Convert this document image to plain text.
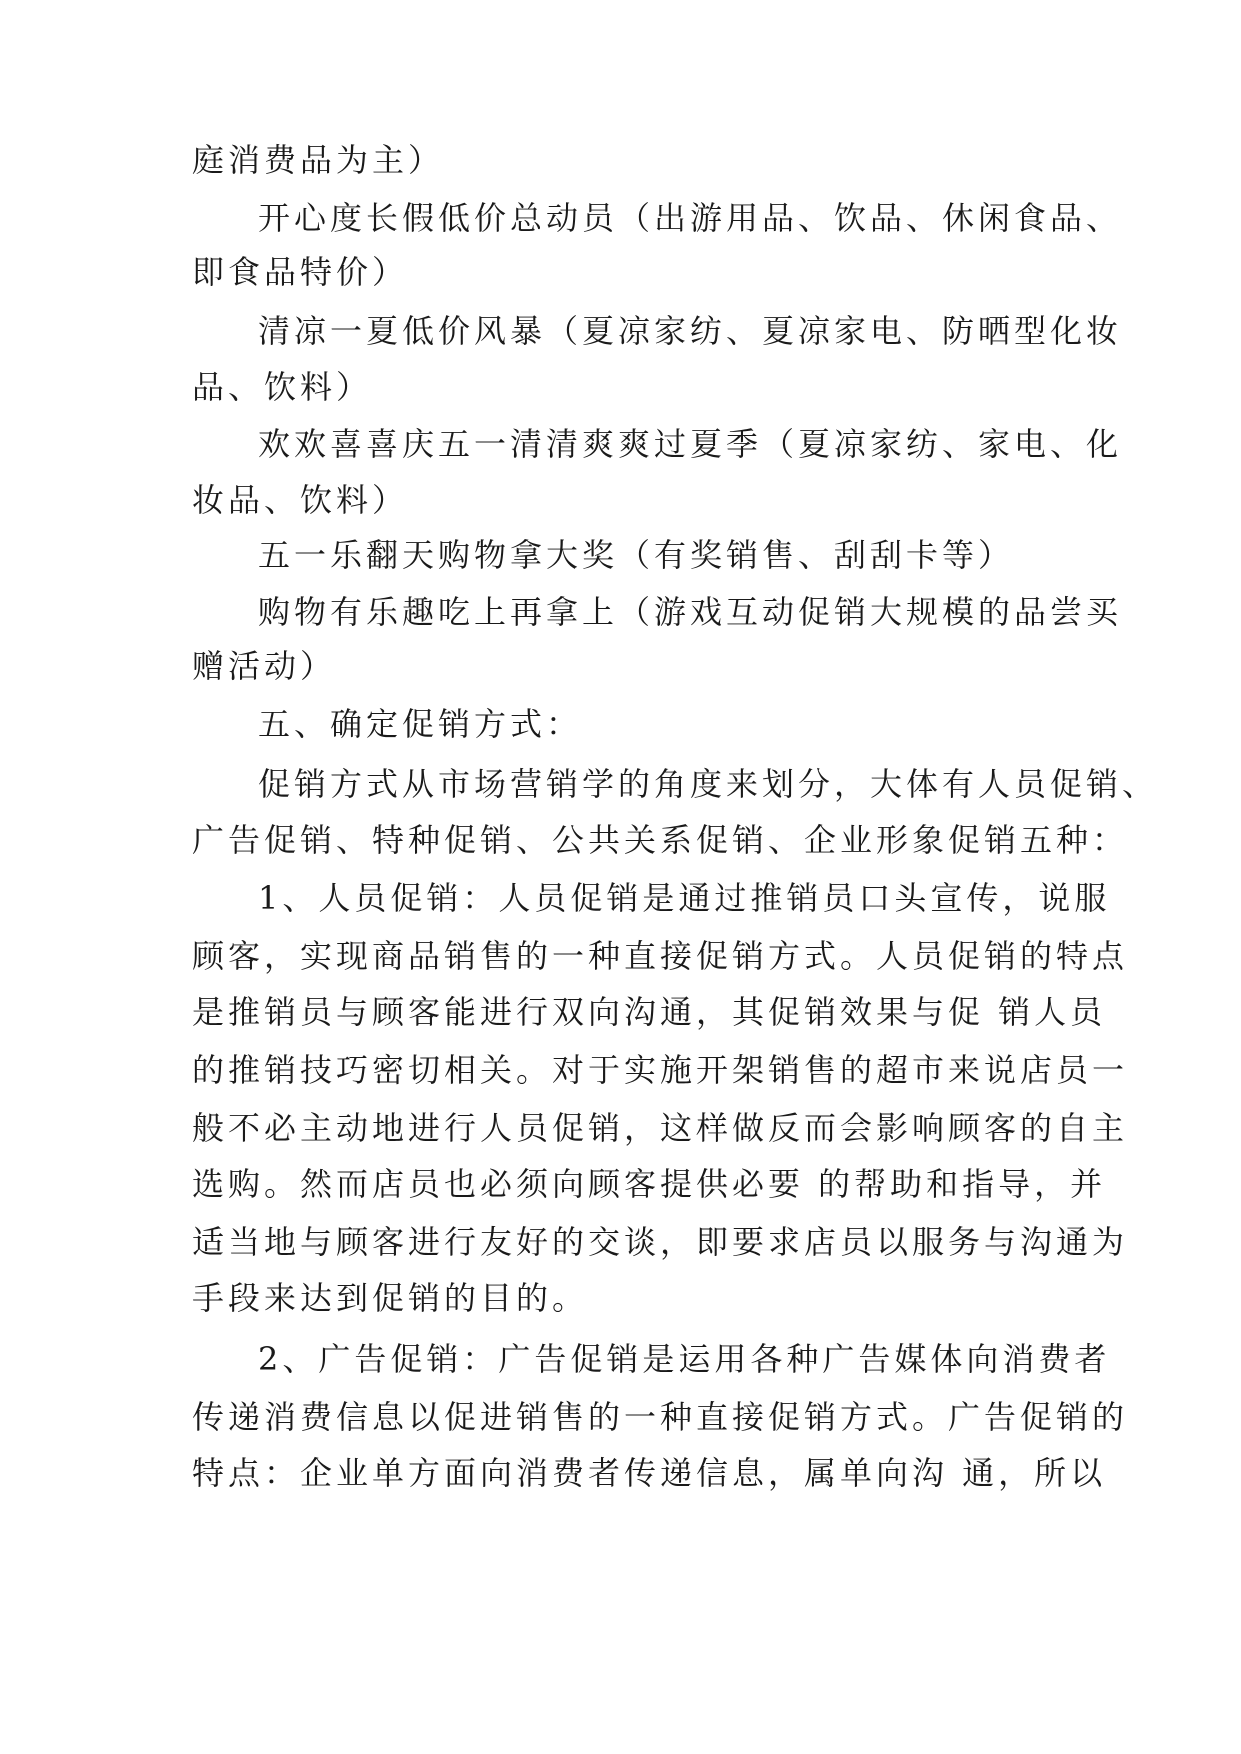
庭消费品为主）
开心度长假低价总动员（出游用品、饮品、休闲食品、
即食品特价）
清凉一夏低价风暴（夏凉家纺、夏凉家电、防晒型化妆
品、饮料）
欢欢喜喜庆五一清清爽爽过夏季（夏凉家纺、家电、化
妆品、饮料）
五一乐翻天购物拿大奖（有奖销售、刮刮卡等）
购物有乐趣吃上再拿上（游戏互动促销大规模的品尝买
赠活动）
五、确定促销方式：
促销方式从市场营销学的角度来划分，大体有人员促销、
广告促销、特种促销、公共关系促销、企业形象促销五种：
1、人员促销：人员促销是通过推销员口头宣传，说服
顾客，实现商品销售的一种直接促销方式。人员促销的特点
是推销员与顾客能进行双向沟通，其促销效果与促 销人员
的推销技巧密切相关。对于实施开架销售的超市来说店员一
般不必主动地进行人员促销，这样做反而会影响顾客的自主
选购。然而店员也必须向顾客提供必要 的帮助和指导，并
适当地与顾客进行友好的交谈，即要求店员以服务与沟通为
手段来达到促销的目的。
2、广告促销：广告促销是运用各种广告媒体向消费者
传递消费信息以促进销售的一种直接促销方式。广告促销的
特点：企业单方面向消费者传递信息，属单向沟 通，所以
